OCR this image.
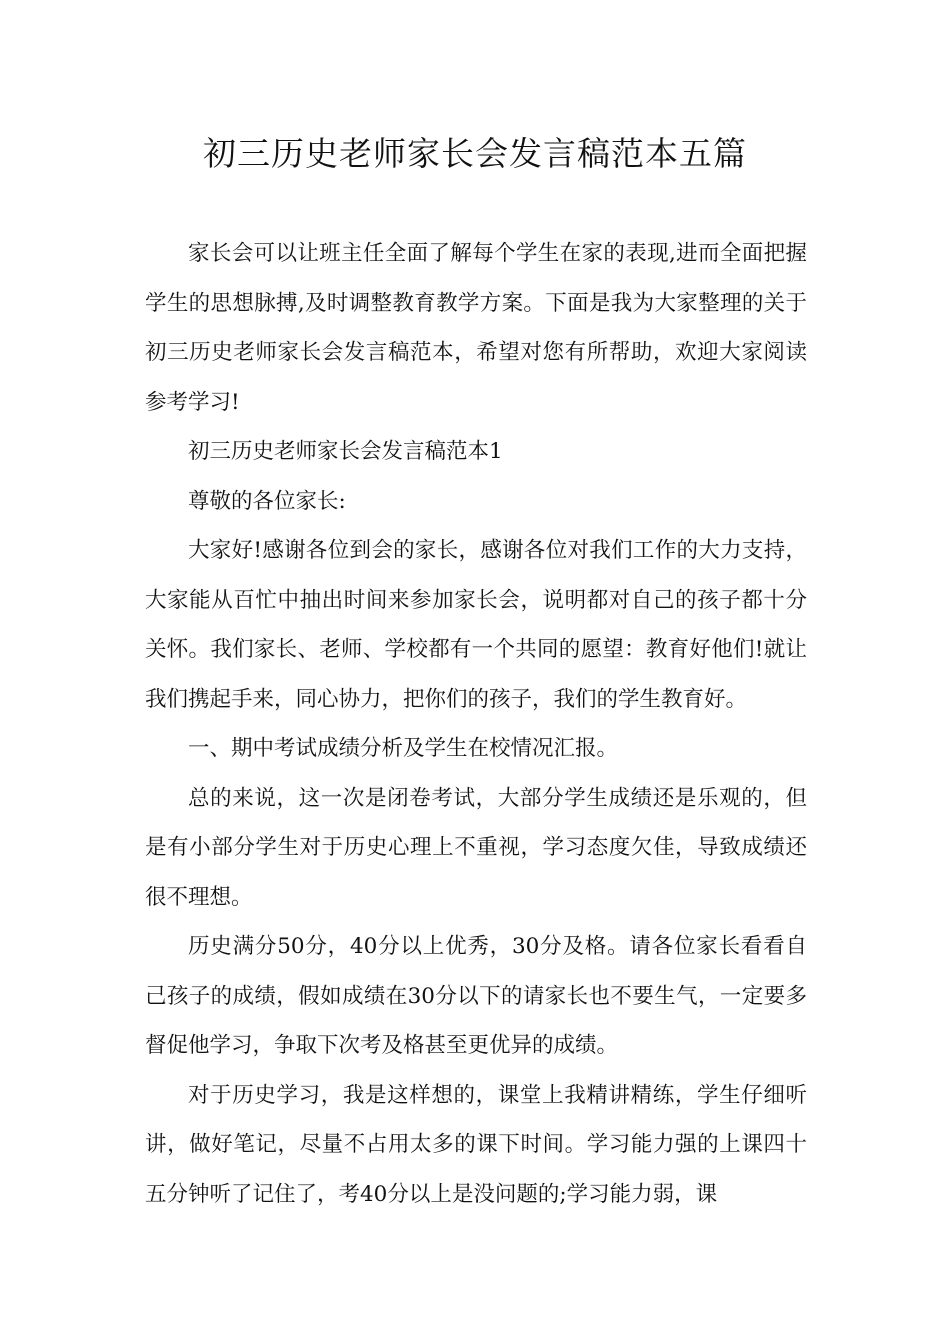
初三历史老师家长会发言稿范本五篇

家长会可以让班主任全面了解每个学生在家的表现,进而全面把握学生的思想脉搏,及时调整教育教学方案。下面是我为大家整理的关于初三历史老师家长会发言稿范本，希望对您有所帮助，欢迎大家阅读参考学习!

初三历史老师家长会发言稿范本1

尊敬的各位家长:

大家好!感谢各位到会的家长，感谢各位对我们工作的大力支持，大家能从百忙中抽出时间来参加家长会，说明都对自己的孩子都十分关怀。我们家长、老师、学校都有一个共同的愿望：教育好他们!就让我们携起手来，同心协力，把你们的孩子，我们的学生教育好。

一、期中考试成绩分析及学生在校情况汇报。

总的来说，这一次是闭卷考试，大部分学生成绩还是乐观的，但是有小部分学生对于历史心理上不重视，学习态度欠佳，导致成绩还很不理想。

历史满分50分，40分以上优秀，30分及格。请各位家长看看自己孩子的成绩，假如成绩在30分以下的请家长也不要生气，一定要多督促他学习，争取下次考及格甚至更优异的成绩。

对于历史学习，我是这样想的，课堂上我精讲精练，学生仔细听讲，做好笔记，尽量不占用太多的课下时间。学习能力强的上课四十五分钟听了记住了，考40分以上是没问题的;学习能力弱，课
